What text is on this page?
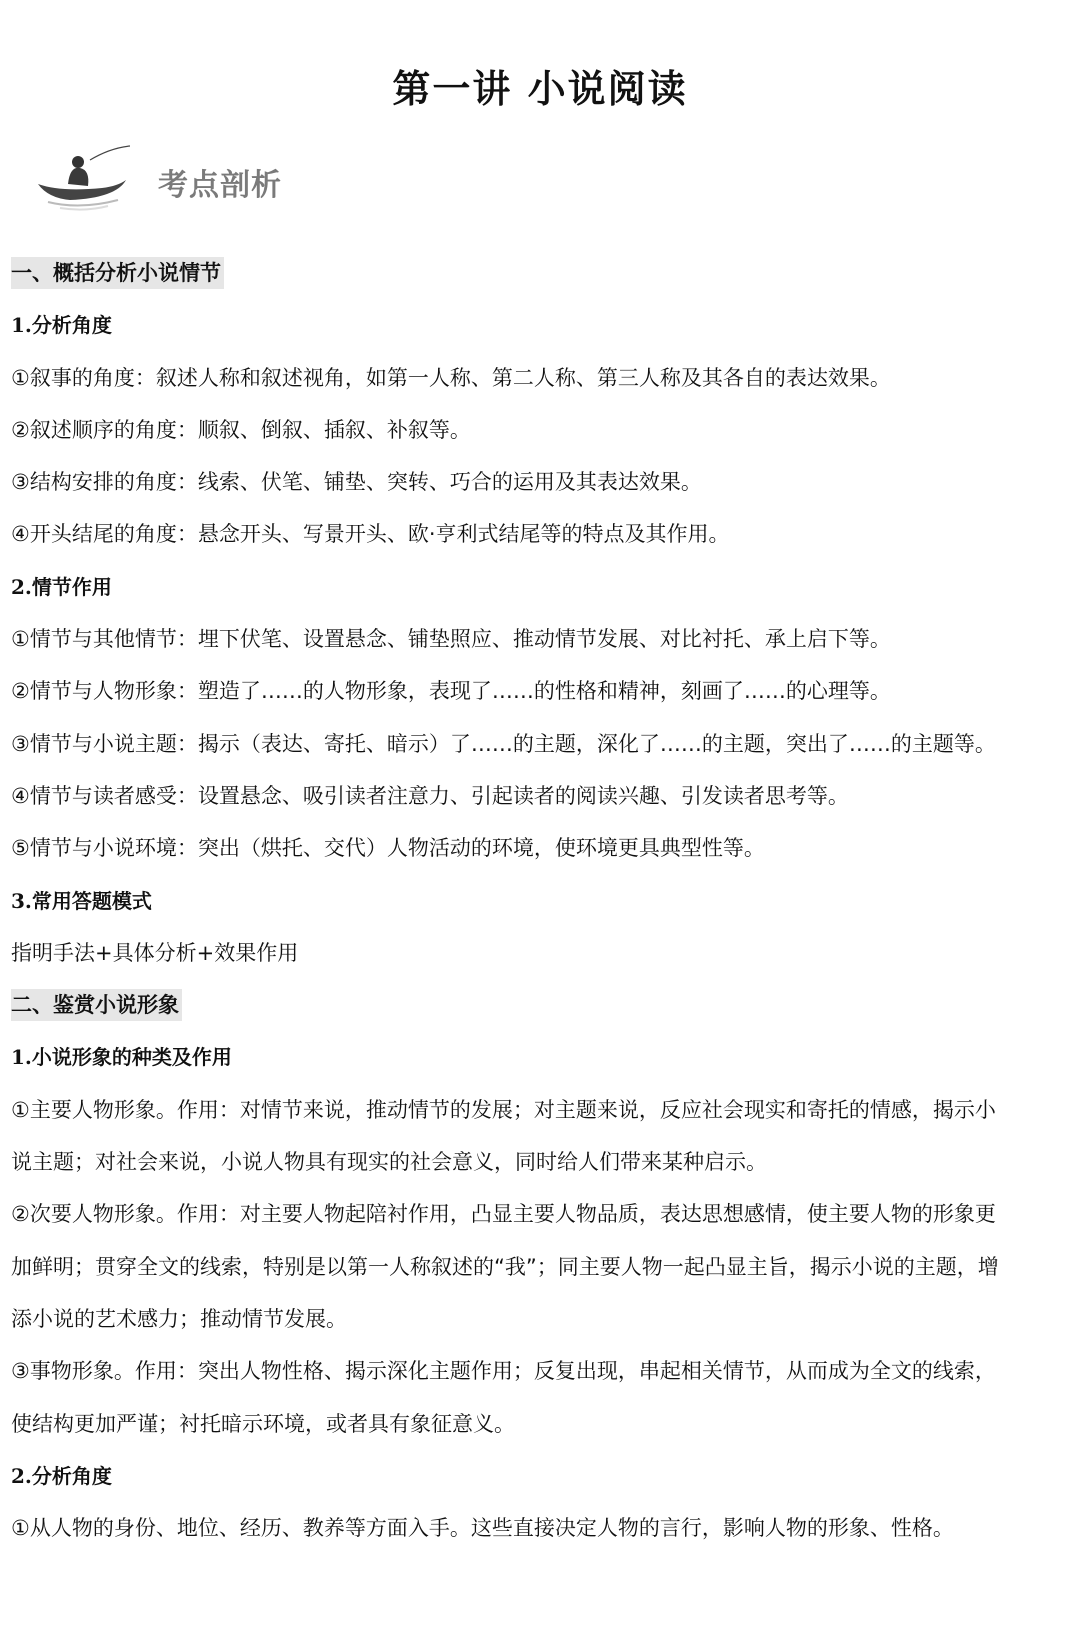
第一讲 小说阅读
考点剖析
一、概括分析小说情节
1.分析角度
①叙事的角度：叙述人称和叙述视角，如第一人称、第二人称、第三人称及其各自的表达效果。
②叙述顺序的角度：顺叙、倒叙、插叙、补叙等。
③结构安排的角度：线索、伏笔、铺垫、突转、巧合的运用及其表达效果。
④开头结尾的角度：悬念开头、写景开头、欧·亨利式结尾等的特点及其作用。
2.情节作用
①情节与其他情节：埋下伏笔、设置悬念、铺垫照应、推动情节发展、对比衬托、承上启下等。
②情节与人物形象：塑造了……的人物形象，表现了……的性格和精神，刻画了……的心理等。
③情节与小说主题：揭示（表达、寄托、暗示）了……的主题，深化了……的主题，突出了……的主题等。
④情节与读者感受：设置悬念、吸引读者注意力、引起读者的阅读兴趣、引发读者思考等。
⑤情节与小说环境：突出（烘托、交代）人物活动的环境，使环境更具典型性等。
3.常用答题模式
指明手法+具体分析+效果作用
二、鉴赏小说形象
1.小说形象的种类及作用
①主要人物形象。作用：对情节来说，推动情节的发展；对主题来说，反应社会现实和寄托的情感，揭示小
说主题；对社会来说，小说人物具有现实的社会意义，同时给人们带来某种启示。
②次要人物形象。作用：对主要人物起陪衬作用，凸显主要人物品质，表达思想感情，使主要人物的形象更
加鲜明；贯穿全文的线索，特别是以第一人称叙述的“我”；同主要人物一起凸显主旨，揭示小说的主题，增
添小说的艺术感力；推动情节发展。
③事物形象。作用：突出人物性格、揭示深化主题作用；反复出现，串起相关情节，从而成为全文的线索，
使结构更加严谨；衬托暗示环境，或者具有象征意义。
2.分析角度
①从人物的身份、地位、经历、教养等方面入手。这些直接决定人物的言行，影响人物的形象、性格。
